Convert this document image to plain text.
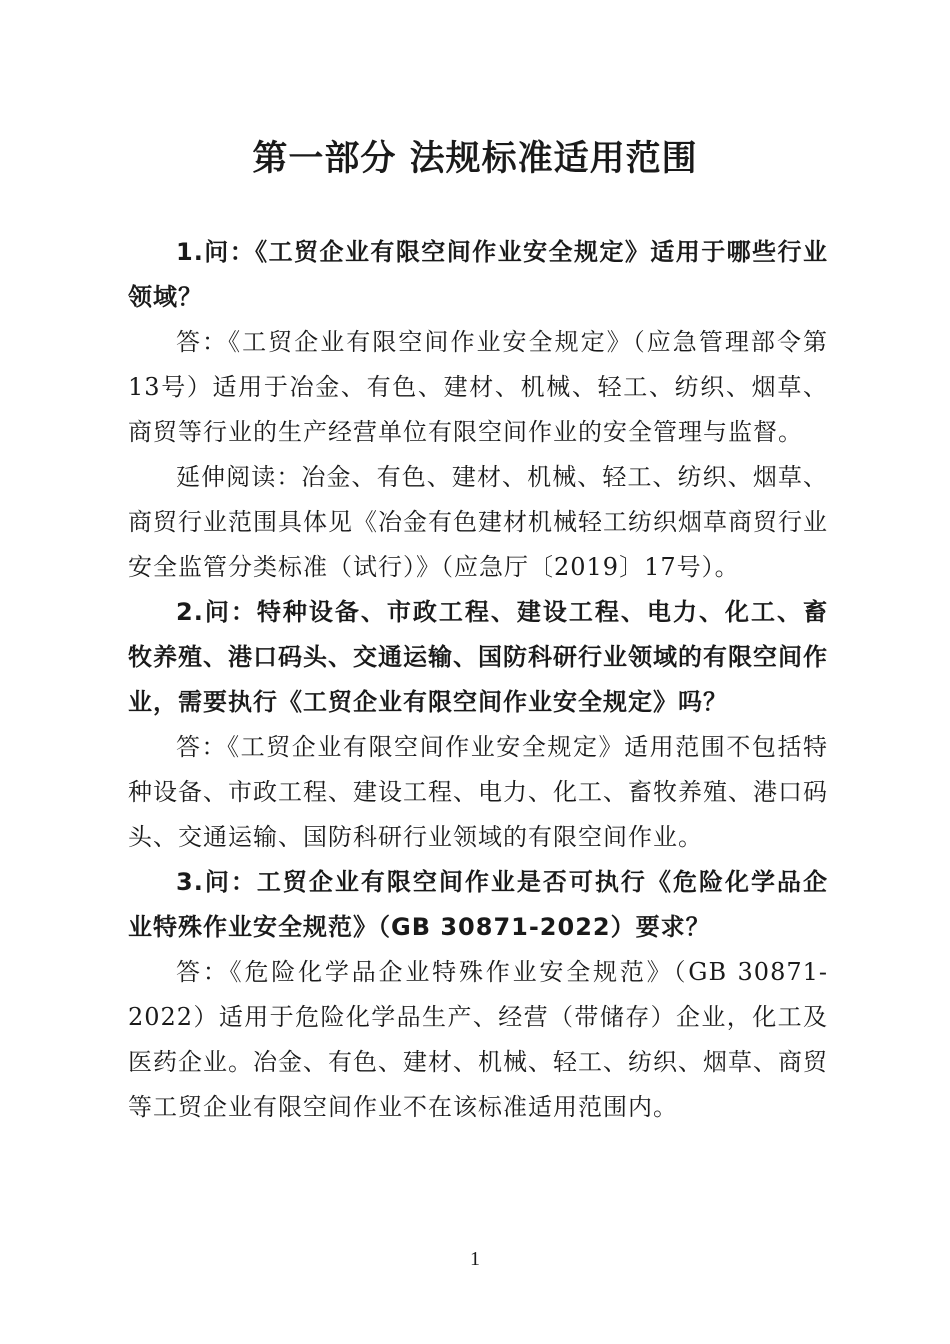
第一部分 法规标准适用范围

1.问：《工贸企业有限空间作业安全规定》适用于哪些行业领域？

答：《工贸企业有限空间作业安全规定》（应急管理部令第13号）适用于冶金、有色、建材、机械、轻工、纺织、烟草、商贸等行业的生产经营单位有限空间作业的安全管理与监督。

延伸阅读：冶金、有色、建材、机械、轻工、纺织、烟草、商贸行业范围具体见《冶金有色建材机械轻工纺织烟草商贸行业安全监管分类标准（试行）》（应急厅〔2019〕17号）。

2.问：特种设备、市政工程、建设工程、电力、化工、畜牧养殖、港口码头、交通运输、国防科研行业领域的有限空间作业，需要执行《工贸企业有限空间作业安全规定》吗？

答：《工贸企业有限空间作业安全规定》适用范围不包括特种设备、市政工程、建设工程、电力、化工、畜牧养殖、港口码头、交通运输、国防科研行业领域的有限空间作业。

3.问：工贸企业有限空间作业是否可执行《危险化学品企业特殊作业安全规范》（GB 30871-2022）要求？

答：《危险化学品企业特殊作业安全规范》（GB 30871-2022）适用于危险化学品生产、经营（带储存）企业，化工及医药企业。冶金、有色、建材、机械、轻工、纺织、烟草、商贸等工贸企业有限空间作业不在该标准适用范围内。

1
